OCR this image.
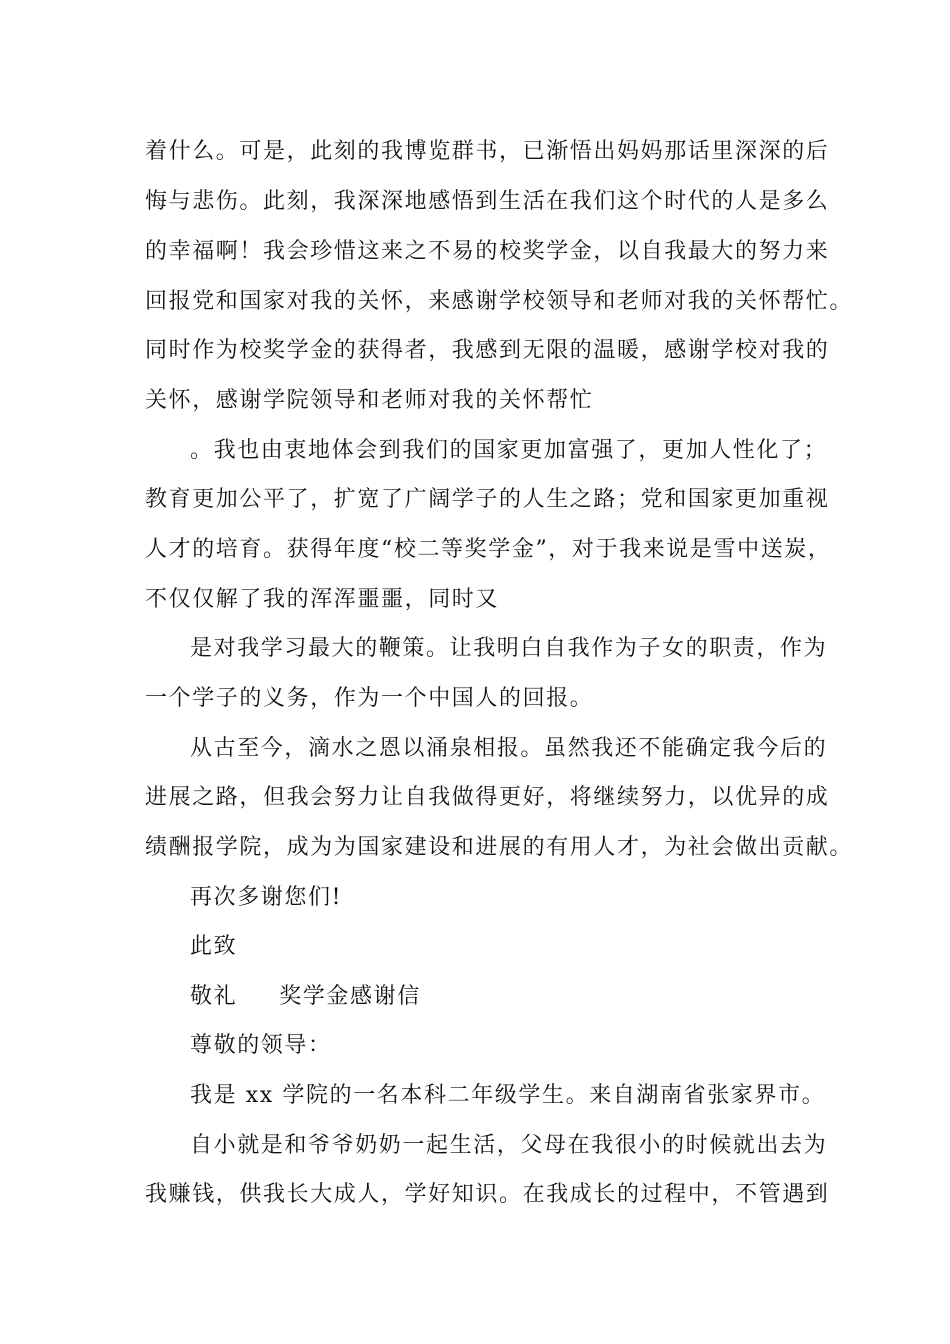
着什么。可是，此刻的我博览群书，已渐悟出妈妈那话里深深的后
悔与悲伤。此刻，我深深地感悟到生活在我们这个时代的人是多么
的幸福啊！我会珍惜这来之不易的校奖学金，以自我最大的努力来
回报党和国家对我的关怀，来感谢学校领导和老师对我的关怀帮忙。
同时作为校奖学金的获得者，我感到无限的温暖，感谢学校对我的
关怀，感谢学院领导和老师对我的关怀帮忙
。我也由衷地体会到我们的国家更加富强了，更加人性化了；
教育更加公平了，扩宽了广阔学子的人生之路；党和国家更加重视
人才的培育。获得年度“校二等奖学金”，对于我来说是雪中送炭，
不仅仅解了我的浑浑噩噩，同时又
是对我学习最大的鞭策。让我明白自我作为子女的职责，作为
一个学子的义务，作为一个中国人的回报。
从古至今，滴水之恩以涌泉相报。虽然我还不能确定我今后的
进展之路，但我会努力让自我做得更好，将继续努力，以优异的成
绩酬报学院，成为为国家建设和进展的有用人才，为社会做出贡献。
再次多谢您们!
此致
敬礼 奖学金感谢信
尊敬的领导：
我是 xx 学院的一名本科二年级学生。来自湖南省张家界市。
自小就是和爷爷奶奶一起生活，父母在我很小的时候就出去为
我赚钱，供我长大成人，学好知识。在我成长的过程中，不管遇到
